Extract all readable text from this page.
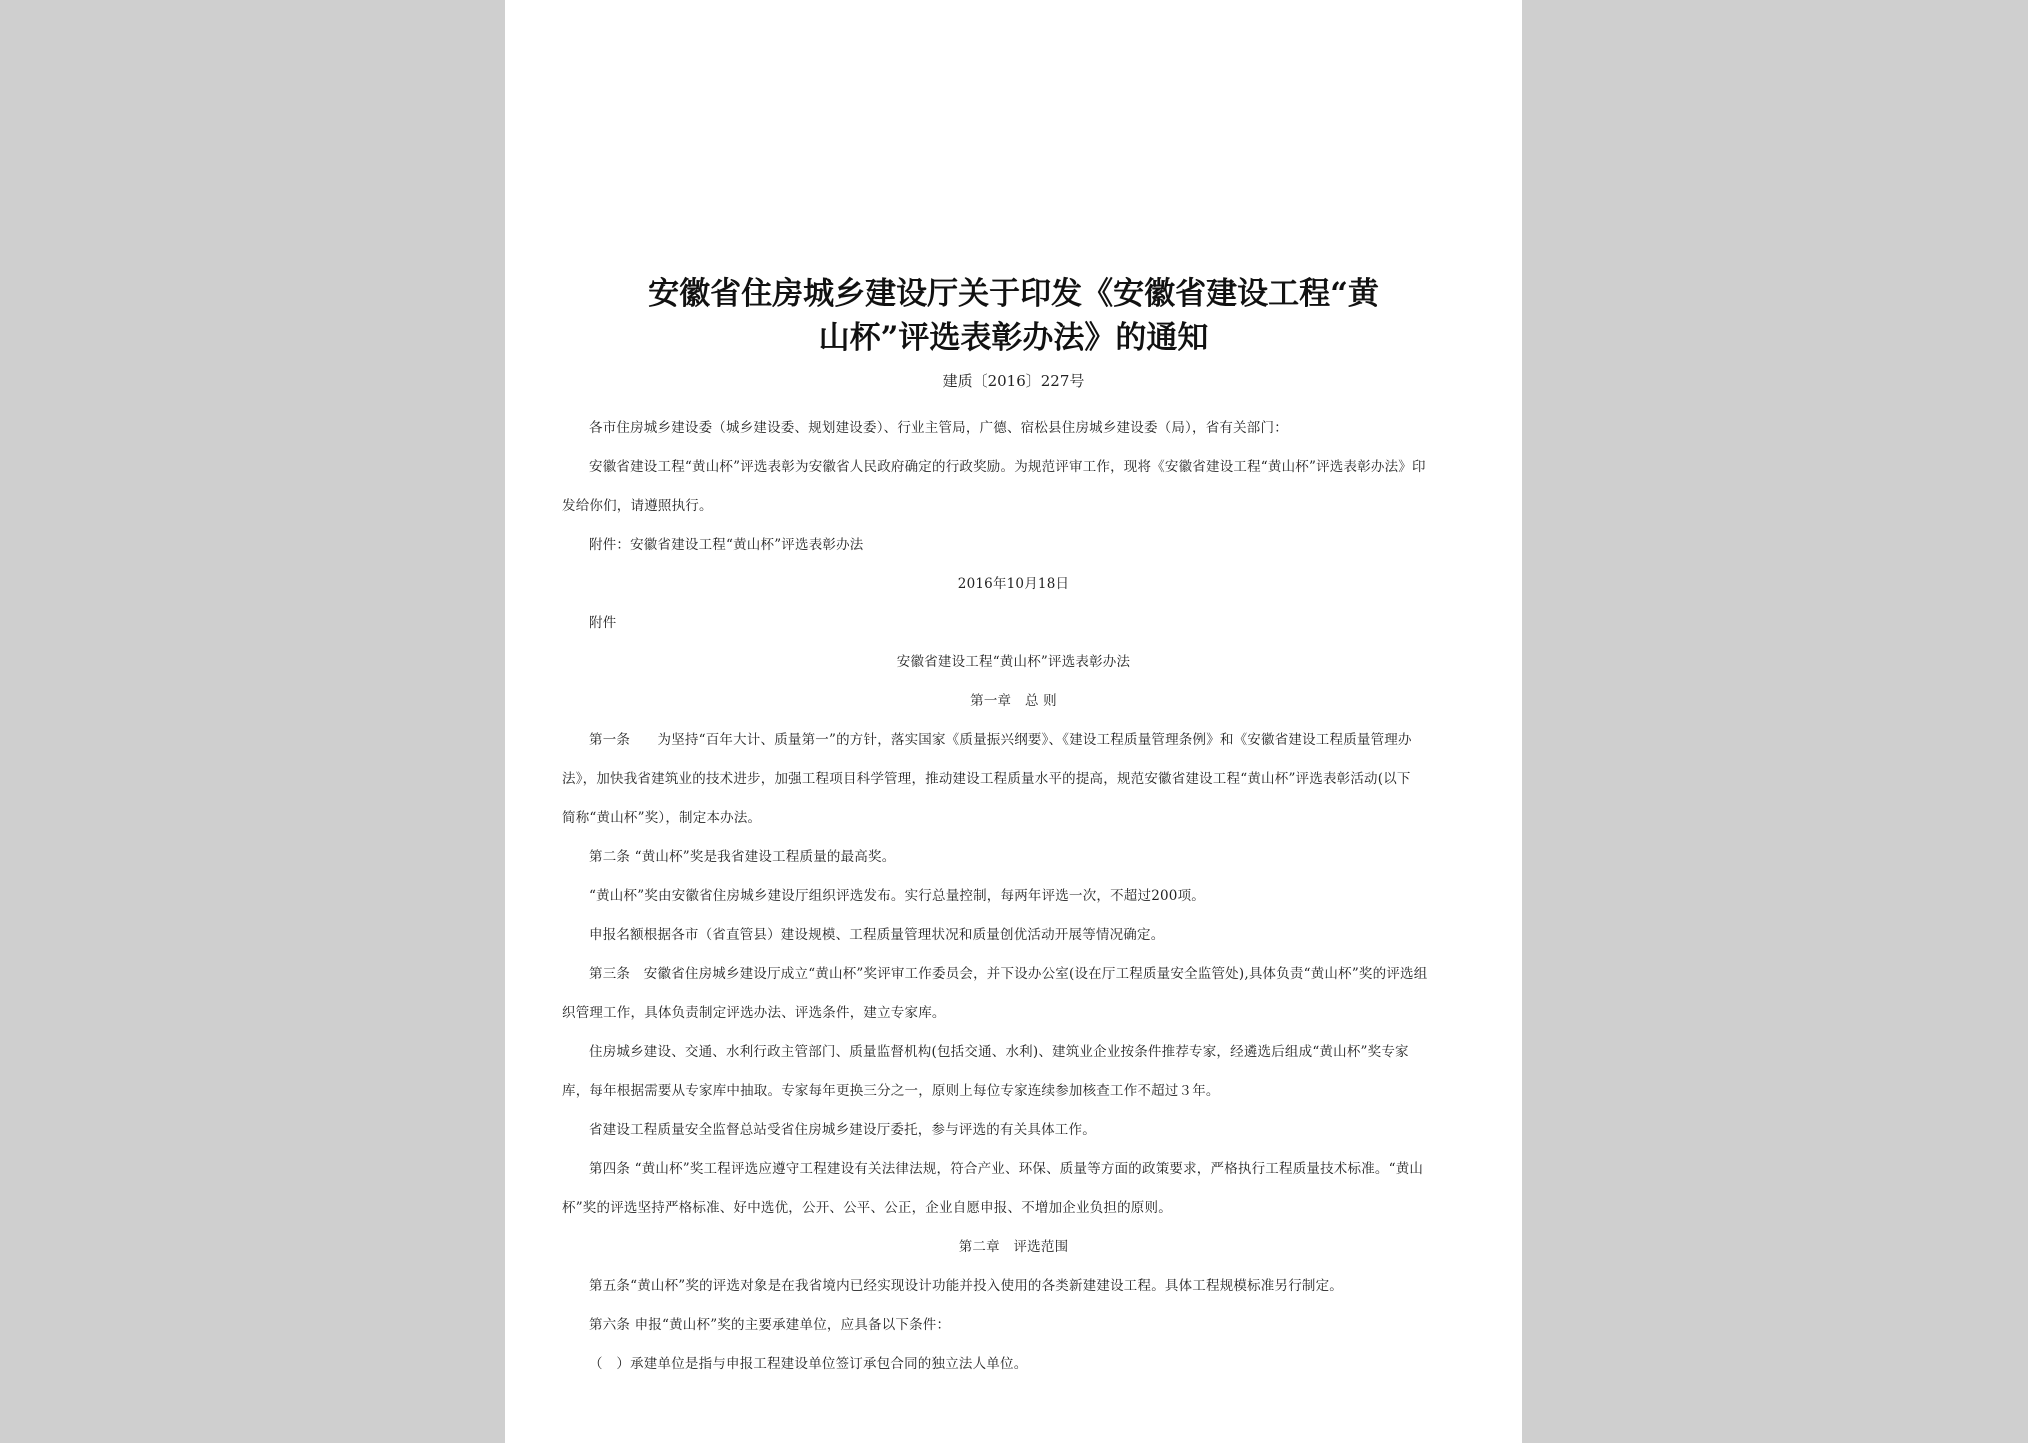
安徽省住房城乡建设厅关于印发《安徽省建设工程“黄
山杯”评选表彰办法》的通知
建质〔2016〕227号
各市住房城乡建设委（城乡建设委、规划建设委）、行业主管局，广德、宿松县住房城乡建设委（局），省有关部门：
安徽省建设工程“黄山杯”评选表彰为安徽省人民政府确定的行政奖励。为规范评审工作，现将《安徽省建设工程“黄山杯”评选表彰办法》印
发给你们，请遵照执行。
附件：安徽省建设工程“黄山杯”评选表彰办法
2016年10月18日
附件
安徽省建设工程“黄山杯”评选表彰办法
第一章　总 则
第一条　　为坚持“百年大计、质量第一”的方针，落实国家《质量振兴纲要》、《建设工程质量管理条例》和《安徽省建设工程质量管理办
法》，加快我省建筑业的技术进步，加强工程项目科学管理，推动建设工程质量水平的提高，规范安徽省建设工程“黄山杯”评选表彰活动(以下
简称“黄山杯”奖），制定本办法。
第二条 “黄山杯”奖是我省建设工程质量的最高奖。
“黄山杯”奖由安徽省住房城乡建设厅组织评选发布。实行总量控制，每两年评选一次，不超过200项。
申报名额根据各市（省直管县）建设规模、工程质量管理状况和质量创优活动开展等情况确定。
第三条　安徽省住房城乡建设厅成立“黄山杯”奖评审工作委员会，并下设办公室(设在厅工程质量安全监管处),具体负责“黄山杯”奖的评选组
织管理工作，具体负责制定评选办法、评选条件，建立专家库。
住房城乡建设、交通、水利行政主管部门、质量监督机构(包括交通、水利)、建筑业企业按条件推荐专家，经遴选后组成“黄山杯”奖专家
库，每年根据需要从专家库中抽取。专家每年更换三分之一，原则上每位专家连续参加核查工作不超过３年。
省建设工程质量安全监督总站受省住房城乡建设厅委托，参与评选的有关具体工作。
第四条 “黄山杯”奖工程评选应遵守工程建设有关法律法规，符合产业、环保、质量等方面的政策要求，严格执行工程质量技术标准。“黄山
杯”奖的评选坚持严格标准、好中选优，公开、公平、公正，企业自愿申报、不增加企业负担的原则。
第二章　评选范围
第五条“黄山杯”奖的评选对象是在我省境内已经实现设计功能并投入使用的各类新建建设工程。具体工程规模标准另行制定。
第六条 申报“黄山杯”奖的主要承建单位，应具备以下条件：
（　）承建单位是指与申报工程建设单位签订承包合同的独立法人单位。
